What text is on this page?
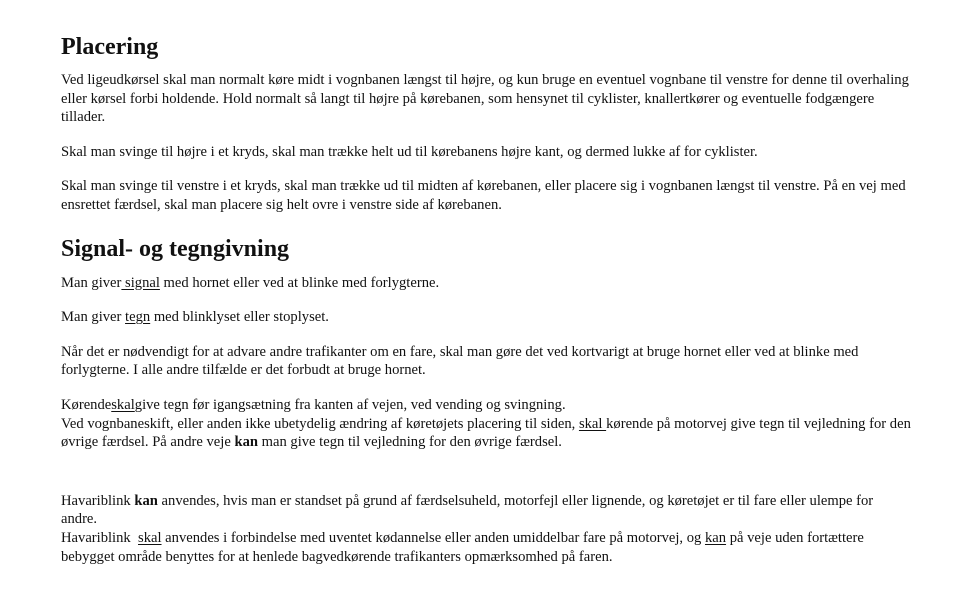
Placering

Ved ligeudkørsel skal man normalt køre midt i vognbanen længst til højre, og kun bruge en eventuel vognbane til venstre for denne til overhaling eller kørsel forbi holdende. Hold normalt så langt til højre på kørebanen, som hensynet til cyklister, knallertkører og eventuelle fodgængere tillader.

Skal man svinge til højre i et kryds, skal man trække helt ud til kørebanens højre kant, og dermed lukke af for cyklister.

Skal man svinge til venstre i et kryds, skal man trække ud til midten af kørebanen, eller placere sig i vognbanen længst til venstre. På en vej med ensrettet færdsel, skal man placere sig helt ovre i venstre side af kørebanen.

Signal- og tegngivning

Man giver signal med hornet eller ved at blinke med forlygterne.

Man giver tegn med blinklyset eller stoplyset.

Når det er nødvendigt for at advare andre trafikanter om en fare, skal man gøre det ved kortvarigt at bruge hornet eller ved at blinke med forlygterne. I alle andre tilfælde er det forbudt at bruge hornet.

Kørendeskalgive tegn før igangsætning fra kanten af vejen, ved vending og svingning.

Ved vognbaneskift, eller anden ikke ubetydelig ændring af køretøjets placering til siden, skal kørende på motorvej give tegn til vejledning for den øvrige færdsel. På andre veje kan man give tegn til vejledning for den øvrige færdsel.

Havariblink kan anvendes, hvis man er standset på grund af færdselsuheld, motorfejl eller lignende, og køretøjet er til fare eller ulempe for andre.

Havariblink  skal anvendes i forbindelse med uventet kødannelse eller anden umiddelbar fare på motorvej, og kan på veje uden fortættere bebygget område benyttes for at henlede bagvedkørende trafikanters opmærksomhed på faren.
